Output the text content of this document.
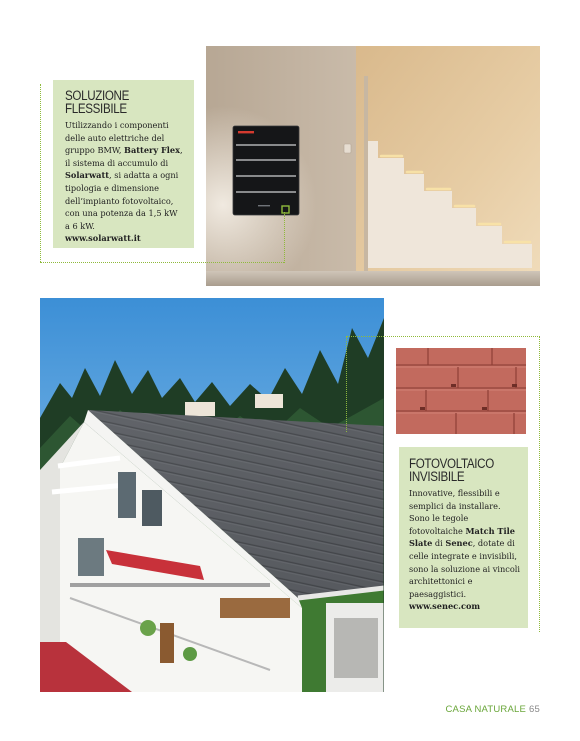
SOLUZIONE
FLESSIBILE

Utilizzando i componenti delle auto elettriche del gruppo BMW, Battery Flex, il sistema di accumulo di Solarwatt, si adatta a ogni tipologia e dimensione dell’impianto fotovoltaico, con una potenza da 1,5 kW a 6 kW.
www.solarwatt.it

FOTOVOLTAICO
INVISIBILE

Innovative, flessibili e semplici da installare. Sono le tegole fotovoltaiche Match Tile Slate di Senec, dotate di celle integrate e invisibili, sono la soluzione ai vincoli architettonici e paesaggistici.
www.senec.com

CASA NATURALE 65
